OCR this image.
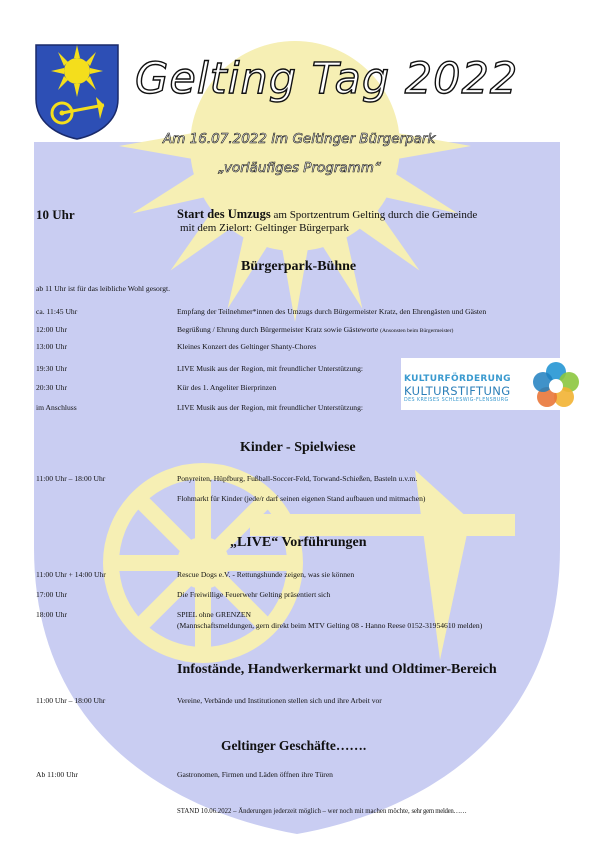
Gelting Tag 2022
Am 16.07.2022 im Geltinger Bürgerpark
„vorläufiges Programm“
10 Uhr	Start des Umzugs am Sportzentrum Gelting durch die Gemeinde
mit dem Zielort: Geltinger Bürgerpark
Bürgerpark-Bühne
ab 11 Uhr ist für das leibliche Wohl gesorgt.
ca. 11:45 Uhr	Empfang der Teilnehmer*innen des Umzugs durch Bürgermeister Kratz, den Ehrengästen und Gästen
12:00 Uhr	Begrüßung / Ehrung durch Bürgermeister Kratz sowie Gästeworte (Ansonsten beim Bürgermeister)
13:00 Uhr	Kleines Konzert des Geltinger Shanty-Chores
19:30 Uhr	LIVE Musik aus der Region, mit freundlicher Unterstützung:
20:30 Uhr	Kür des 1. Angeliter Bierprinzen
im Anschluss	LIVE Musik aus der Region, mit freundlicher Unterstützung:
KULTURFÖRDERUNG
KULTURSTIFTUNG
DES KREISES SCHLESWIG-FLENSBURG
Kinder - Spielwiese
11:00 Uhr – 18:00 Uhr	Ponyreiten, Hüpfburg, Fußball-Soccer-Feld, Torwand-Schießen, Basteln u.v.m.
Flohmarkt für Kinder (jede/r darf seinen eigenen Stand aufbauen und mitmachen)
„LIVE“ Vorführungen
11:00 Uhr + 14:00 Uhr	Rescue Dogs e.V. - Rettungshunde zeigen, was sie können
17:00 Uhr	Die Freiwillige Feuerwehr Gelting präsentiert sich
18:00 Uhr	SPIEL ohne GRENZEN
(Mannschaftsmeldungen, gern direkt beim MTV Gelting 08 - Hanno Reese 0152-31954610 melden)
Infostände, Handwerkermarkt und Oldtimer-Bereich
11:00 Uhr – 18:00 Uhr	Vereine, Verbände und Institutionen stellen sich und ihre Arbeit vor
Geltinger Geschäfte…….
Ab 11:00 Uhr	Gastronomen, Firmen und Läden öffnen ihre Türen
STAND 10.06.2022 – Änderungen jederzeit möglich – wer noch mit machen möchte, sehr gern melden……
